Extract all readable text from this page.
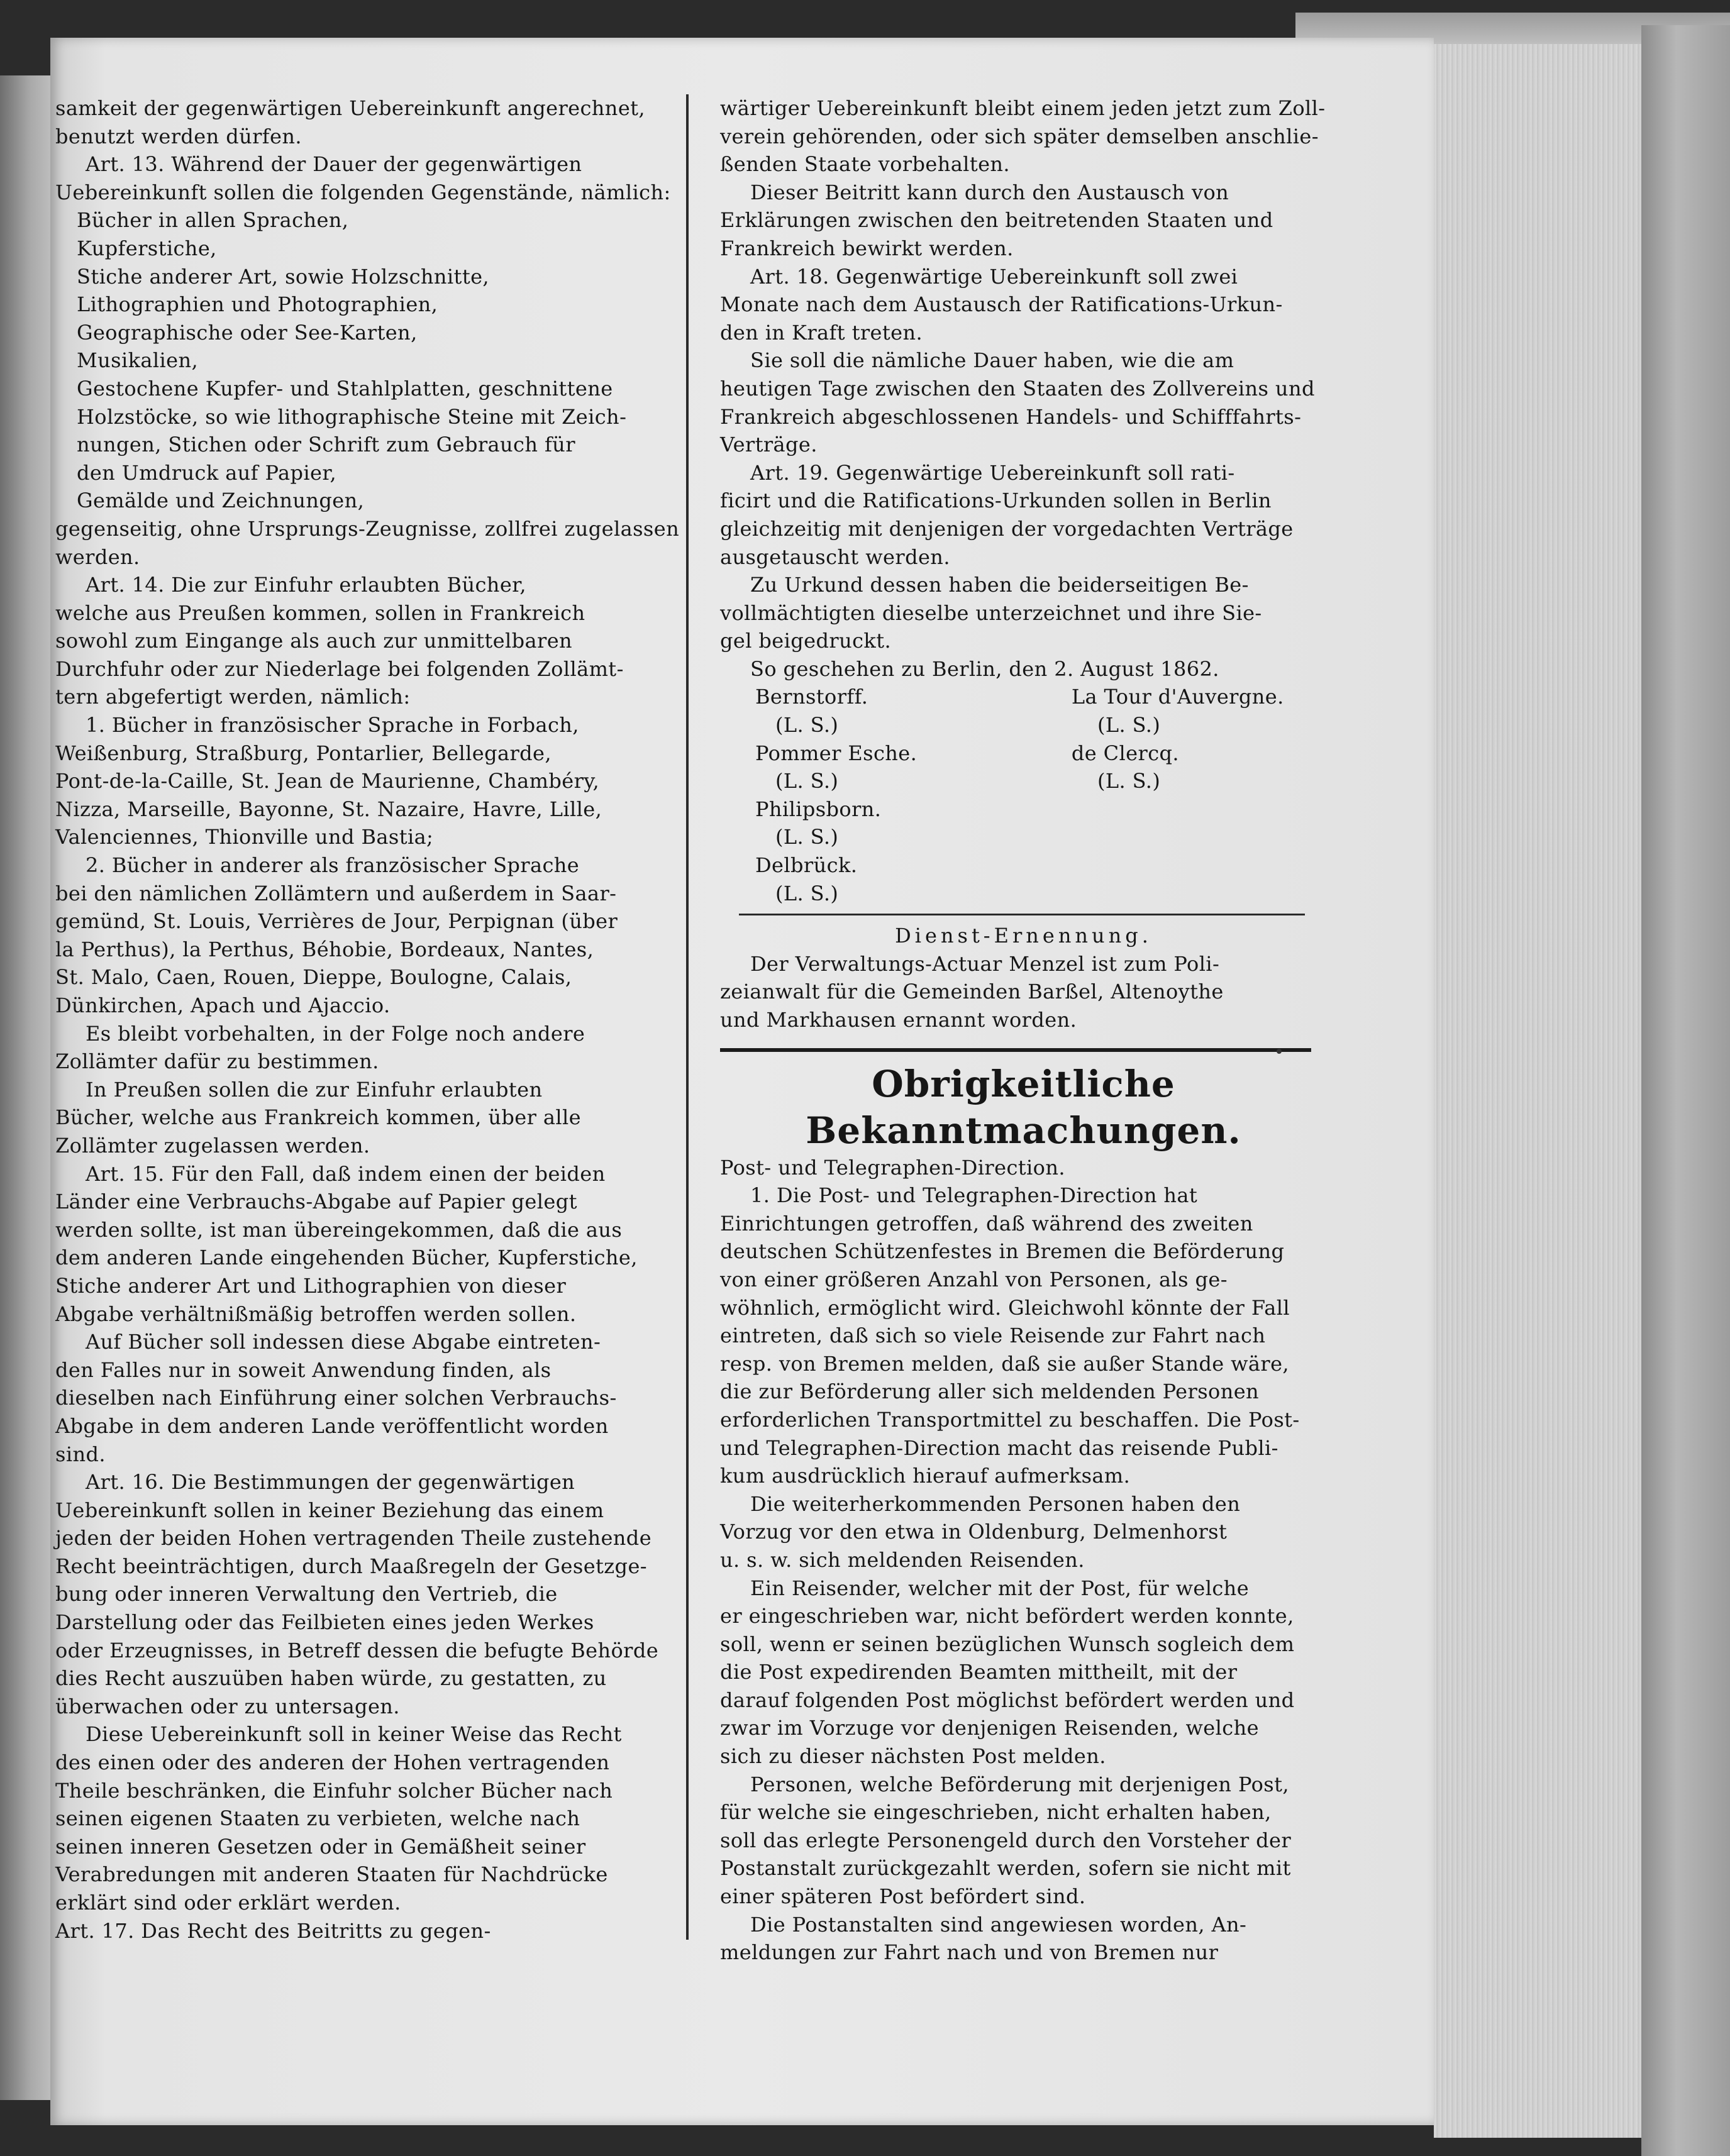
samkeit der gegenwärtigen Uebereinkunft angerechnet,
benutzt werden dürfen.
Art. 13. Während der Dauer der gegenwärtigen
Uebereinkunft sollen die folgenden Gegenstände, nämlich:
Bücher in allen Sprachen,
Kupferstiche,
Stiche anderer Art, sowie Holzschnitte,
Lithographien und Photographien,
Geographische oder See-Karten,
Musikalien,
Gestochene Kupfer- und Stahlplatten, geschnittene
Holzstöcke, so wie lithographische Steine mit Zeich-
nungen, Stichen oder Schrift zum Gebrauch für
den Umdruck auf Papier,
Gemälde und Zeichnungen,
gegenseitig, ohne Ursprungs-Zeugnisse, zollfrei zugelassen
werden.
Art. 14. Die zur Einfuhr erlaubten Bücher,
welche aus Preußen kommen, sollen in Frankreich
sowohl zum Eingange als auch zur unmittelbaren
Durchfuhr oder zur Niederlage bei folgenden Zollämt-
tern abgefertigt werden, nämlich:
1. Bücher in französischer Sprache in Forbach,
Weißenburg, Straßburg, Pontarlier, Bellegarde,
Pont-de-la-Caille, St. Jean de Maurienne, Chambéry,
Nizza, Marseille, Bayonne, St. Nazaire, Havre, Lille,
Valenciennes, Thionville und Bastia;
2. Bücher in anderer als französischer Sprache
bei den nämlichen Zollämtern und außerdem in Saar-
gemünd, St. Louis, Verrières de Jour, Perpignan (über
la Perthus), la Perthus, Béhobie, Bordeaux, Nantes,
St. Malo, Caen, Rouen, Dieppe, Boulogne, Calais,
Dünkirchen, Apach und Ajaccio.
Es bleibt vorbehalten, in der Folge noch andere
Zollämter dafür zu bestimmen.
In Preußen sollen die zur Einfuhr erlaubten
Bücher, welche aus Frankreich kommen, über alle
Zollämter zugelassen werden.
Art. 15. Für den Fall, daß indem einen der beiden
Länder eine Verbrauchs-Abgabe auf Papier gelegt
werden sollte, ist man übereingekommen, daß die aus
dem anderen Lande eingehenden Bücher, Kupferstiche,
Stiche anderer Art und Lithographien von dieser
Abgabe verhältnißmäßig betroffen werden sollen.
Auf Bücher soll indessen diese Abgabe eintreten-
den Falles nur in soweit Anwendung finden, als
dieselben nach Einführung einer solchen Verbrauchs-
Abgabe in dem anderen Lande veröffentlicht worden
sind.
Art. 16. Die Bestimmungen der gegenwärtigen
Uebereinkunft sollen in keiner Beziehung das einem
jeden der beiden Hohen vertragenden Theile zustehende
Recht beeinträchtigen, durch Maaßregeln der Gesetzge-
bung oder inneren Verwaltung den Vertrieb, die
Darstellung oder das Feilbieten eines jeden Werkes
oder Erzeugnisses, in Betreff dessen die befugte Behörde
dies Recht auszuüben haben würde, zu gestatten, zu
überwachen oder zu untersagen.
Diese Uebereinkunft soll in keiner Weise das Recht
des einen oder des anderen der Hohen vertragenden
Theile beschränken, die Einfuhr solcher Bücher nach
seinen eigenen Staaten zu verbieten, welche nach
seinen inneren Gesetzen oder in Gemäßheit seiner
Verabredungen mit anderen Staaten für Nachdrücke
erklärt sind oder erklärt werden.
Art. 17. Das Recht des Beitritts zu gegen-
wärtiger Uebereinkunft bleibt einem jeden jetzt zum Zoll-
verein gehörenden, oder sich später demselben anschlie-
ßenden Staate vorbehalten.
Dieser Beitritt kann durch den Austausch von
Erklärungen zwischen den beitretenden Staaten und
Frankreich bewirkt werden.
Art. 18. Gegenwärtige Uebereinkunft soll zwei
Monate nach dem Austausch der Ratifications-Urkun-
den in Kraft treten.
Sie soll die nämliche Dauer haben, wie die am
heutigen Tage zwischen den Staaten des Zollvereins und
Frankreich abgeschlossenen Handels- und Schifffahrts-
Verträge.
Art. 19. Gegenwärtige Uebereinkunft soll rati-
ficirt und die Ratifications-Urkunden sollen in Berlin
gleichzeitig mit denjenigen der vorgedachten Verträge
ausgetauscht werden.
Zu Urkund dessen haben die beiderseitigen Be-
vollmächtigten dieselbe unterzeichnet und ihre Sie-
gel beigedruckt.
So geschehen zu Berlin, den 2. August 1862.
Bernstorff.	La Tour d'Auvergne.
(L. S.)	(L. S.)
Pommer Esche.	de Clercq.
(L. S.)	(L. S.)
Philipsborn.
(L. S.)
Delbrück.
(L. S.)
Dienst-Ernennung.
Der Verwaltungs-Actuar Menzel ist zum Poli-
zeianwalt für die Gemeinden Barßel, Altenoythe
und Markhausen ernannt worden.
Obrigkeitliche Bekanntmachungen.
Post- und Telegraphen-Direction.
1. Die Post- und Telegraphen-Direction hat
Einrichtungen getroffen, daß während des zweiten
deutschen Schützenfestes in Bremen die Beförderung
von einer größeren Anzahl von Personen, als ge-
wöhnlich, ermöglicht wird. Gleichwohl könnte der Fall
eintreten, daß sich so viele Reisende zur Fahrt nach
resp. von Bremen melden, daß sie außer Stande wäre,
die zur Beförderung aller sich meldenden Personen
erforderlichen Transportmittel zu beschaffen. Die Post-
und Telegraphen-Direction macht das reisende Publi-
kum ausdrücklich hierauf aufmerksam.
Die weiterherkommenden Personen haben den
Vorzug vor den etwa in Oldenburg, Delmenhorst
u. s. w. sich meldenden Reisenden.
Ein Reisender, welcher mit der Post, für welche
er eingeschrieben war, nicht befördert werden konnte,
soll, wenn er seinen bezüglichen Wunsch sogleich dem
die Post expedirenden Beamten mittheilt, mit der
darauf folgenden Post möglichst befördert werden und
zwar im Vorzuge vor denjenigen Reisenden, welche
sich zu dieser nächsten Post melden.
Personen, welche Beförderung mit derjenigen Post,
für welche sie eingeschrieben, nicht erhalten haben,
soll das erlegte Personengeld durch den Vorsteher der
Postanstalt zurückgezahlt werden, sofern sie nicht mit
einer späteren Post befördert sind.
Die Postanstalten sind angewiesen worden, An-
meldungen zur Fahrt nach und von Bremen nur
